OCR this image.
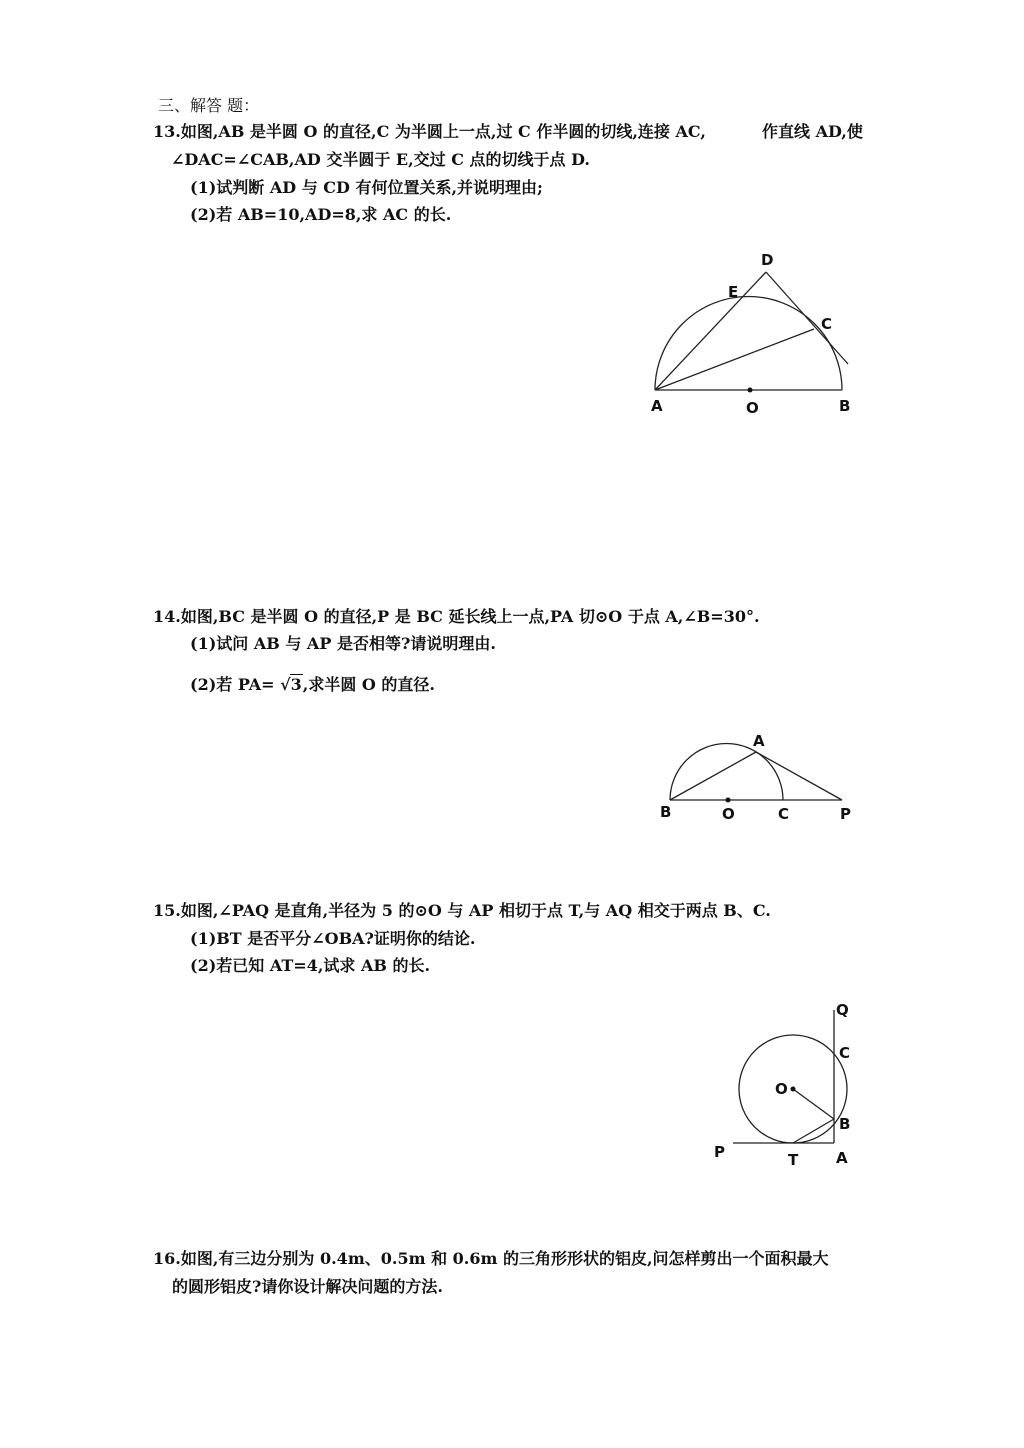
三、解答 题：
13.如图,AB 是半圆 O 的直径,C 为半圆上一点,过 C 作半圆的切线,连接 AC,	作直线 AD,使
∠DAC=∠CAB,AD 交半圆于 E,交过 C 点的切线于点 D.
(1)试判断 AD 与 CD 有何位置关系,并说明理由;
(2)若 AB=10,AD=8,求 AC 的长.
A	O	B
C
D
E
14.如图,BC 是半圆 O 的直径,P 是 BC 延长线上一点,PA 切⊙O 于点 A,∠B=30°.
(1)试问 AB 与 AP 是否相等?请说明理由.
(2)若 PA= √3,求半圆 O 的直径.
A
B	O	C	P
15.如图,∠PAQ 是直角,半径为 5 的⊙O 与 AP 相切于点 T,与 AQ 相交于两点 B、C.
(1)BT 是否平分∠OBA?证明你的结论.
(2)若已知 AT=4,试求 AB 的长.
Q
C
O
B
P	T	A
16.如图,有三边分别为 0.4m、0.5m 和 0.6m 的三角形形状的铝皮,问怎样剪出一个面积最大
的圆形铝皮?请你设计解决问题的方法.
